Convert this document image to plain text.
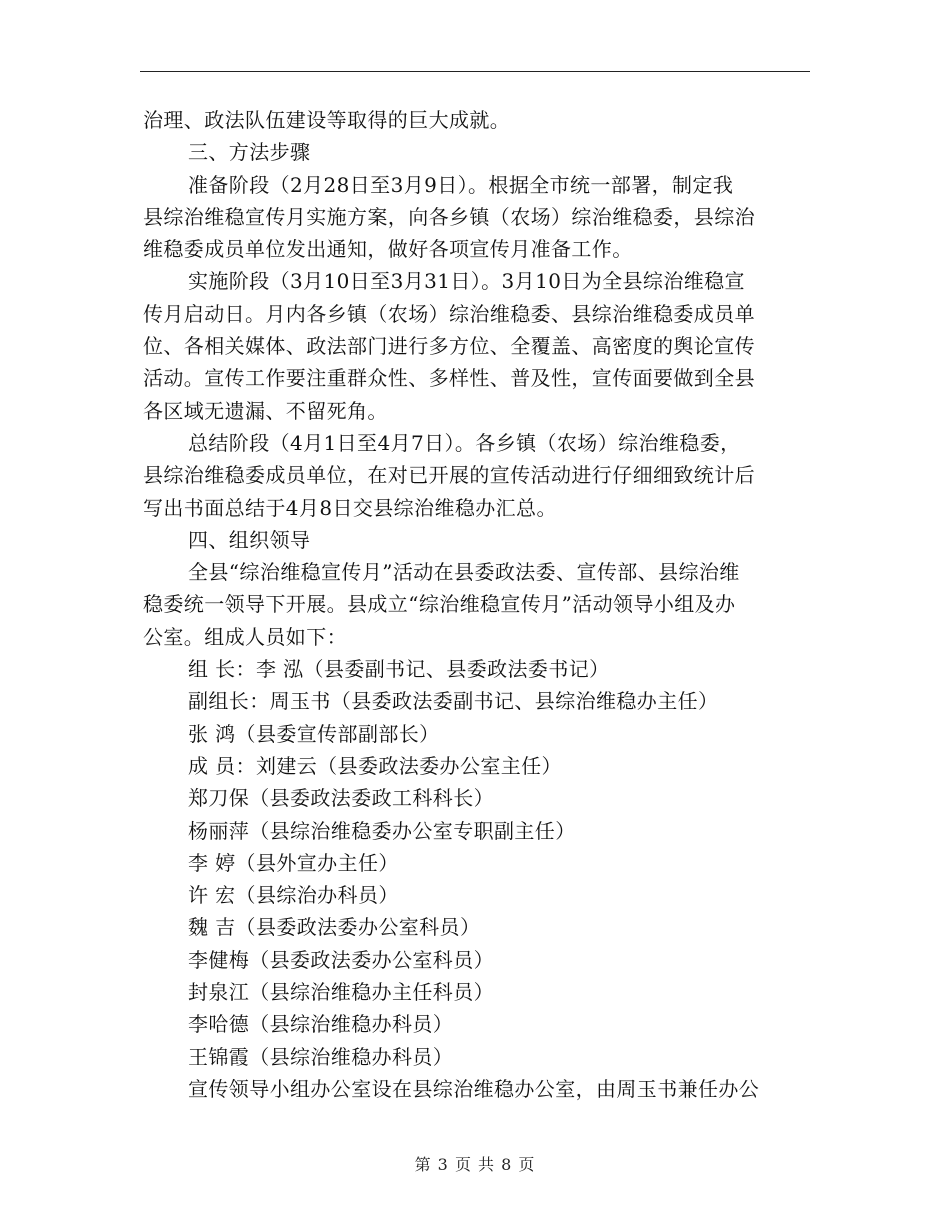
治理、政法队伍建设等取得的巨大成就。
三、方法步骤
准备阶段（2月28日至3月9日）。根据全市统一部署，制定我
县综治维稳宣传月实施方案，向各乡镇（农场）综治维稳委，县综治
维稳委成员单位发出通知，做好各项宣传月准备工作。
实施阶段（3月10日至3月31日）。3月10日为全县综治维稳宣
传月启动日。月内各乡镇（农场）综治维稳委、县综治维稳委成员单
位、各相关媒体、政法部门进行多方位、全覆盖、高密度的舆论宣传
活动。宣传工作要注重群众性、多样性、普及性，宣传面要做到全县
各区域无遗漏、不留死角。
总结阶段（4月1日至4月7日）。各乡镇（农场）综治维稳委，
县综治维稳委成员单位，在对已开展的宣传活动进行仔细细致统计后
写出书面总结于4月8日交县综治维稳办汇总。
四、组织领导
全县“综治维稳宣传月”活动在县委政法委、宣传部、县综治维
稳委统一领导下开展。县成立“综治维稳宣传月”活动领导小组及办
公室。组成人员如下：
组 长：李 泓（县委副书记、县委政法委书记）
副组长：周玉书（县委政法委副书记、县综治维稳办主任）
张 鸿（县委宣传部副部长）
成 员：刘建云（县委政法委办公室主任）
郑刀保（县委政法委政工科科长）
杨丽萍（县综治维稳委办公室专职副主任）
李 婷（县外宣办主任）
许 宏（县综治办科员）
魏 吉（县委政法委办公室科员）
李健梅（县委政法委办公室科员）
封泉江（县综治维稳办主任科员）
李哈德（县综治维稳办科员）
王锦霞（县综治维稳办科员）
宣传领导小组办公室设在县综治维稳办公室，由周玉书兼任办公
第 3 页 共 8 页
